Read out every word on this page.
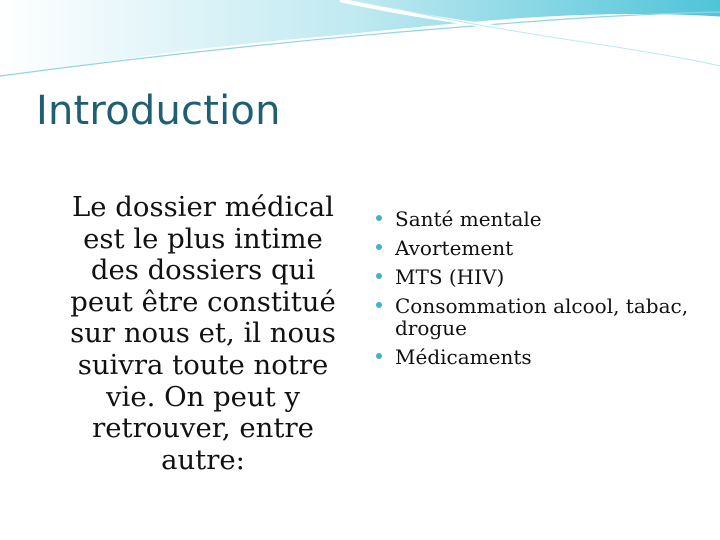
Introduction

Le dossier médical est le plus intime des dossiers qui peut être constitué sur nous et, il nous suivra toute notre vie. On peut y retrouver, entre autre:

Santé mentale
Avortement
MTS (HIV)
Consommation alcool, tabac, drogue
Médicaments
